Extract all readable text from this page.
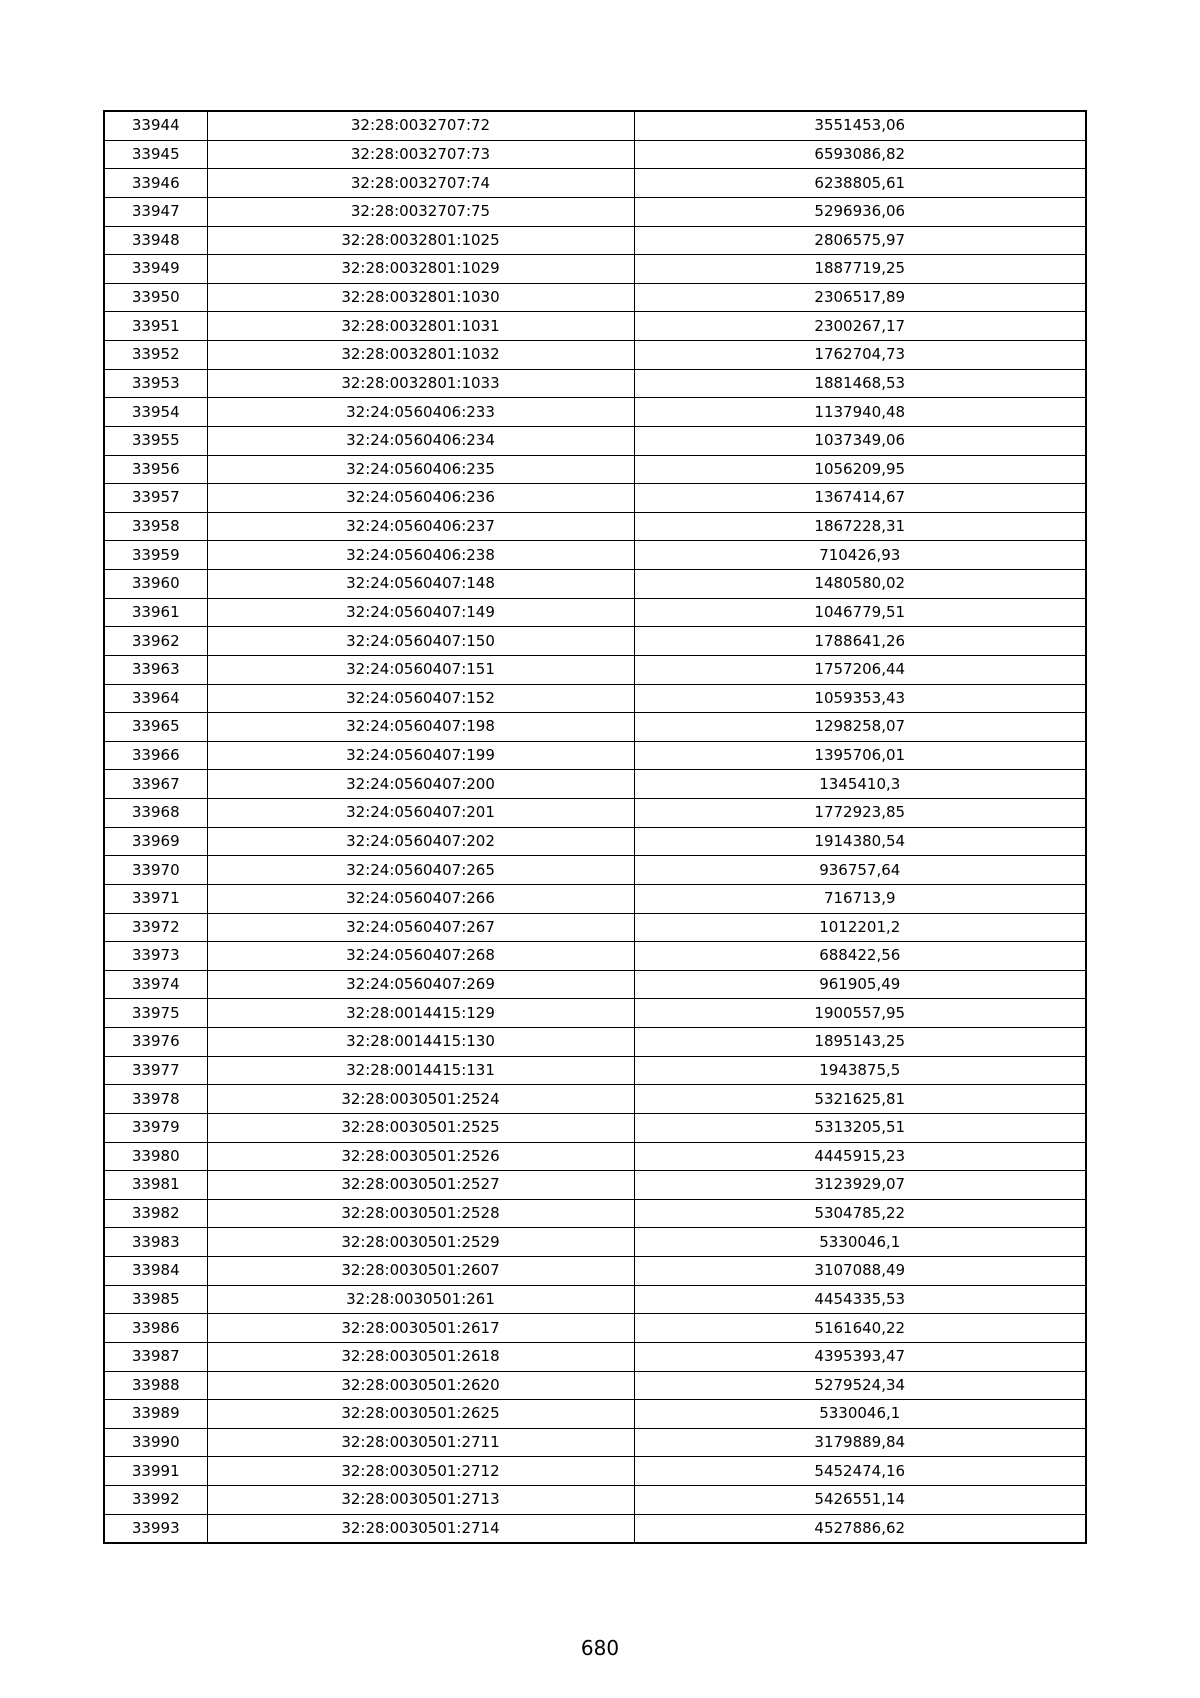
33944	32:28:0032707:72	3551453,06
33945	32:28:0032707:73	6593086,82
33946	32:28:0032707:74	6238805,61
33947	32:28:0032707:75	5296936,06
33948	32:28:0032801:1025	2806575,97
33949	32:28:0032801:1029	1887719,25
33950	32:28:0032801:1030	2306517,89
33951	32:28:0032801:1031	2300267,17
33952	32:28:0032801:1032	1762704,73
33953	32:28:0032801:1033	1881468,53
33954	32:24:0560406:233	1137940,48
33955	32:24:0560406:234	1037349,06
33956	32:24:0560406:235	1056209,95
33957	32:24:0560406:236	1367414,67
33958	32:24:0560406:237	1867228,31
33959	32:24:0560406:238	710426,93
33960	32:24:0560407:148	1480580,02
33961	32:24:0560407:149	1046779,51
33962	32:24:0560407:150	1788641,26
33963	32:24:0560407:151	1757206,44
33964	32:24:0560407:152	1059353,43
33965	32:24:0560407:198	1298258,07
33966	32:24:0560407:199	1395706,01
33967	32:24:0560407:200	1345410,3
33968	32:24:0560407:201	1772923,85
33969	32:24:0560407:202	1914380,54
33970	32:24:0560407:265	936757,64
33971	32:24:0560407:266	716713,9
33972	32:24:0560407:267	1012201,2
33973	32:24:0560407:268	688422,56
33974	32:24:0560407:269	961905,49
33975	32:28:0014415:129	1900557,95
33976	32:28:0014415:130	1895143,25
33977	32:28:0014415:131	1943875,5
33978	32:28:0030501:2524	5321625,81
33979	32:28:0030501:2525	5313205,51
33980	32:28:0030501:2526	4445915,23
33981	32:28:0030501:2527	3123929,07
33982	32:28:0030501:2528	5304785,22
33983	32:28:0030501:2529	5330046,1
33984	32:28:0030501:2607	3107088,49
33985	32:28:0030501:261	4454335,53
33986	32:28:0030501:2617	5161640,22
33987	32:28:0030501:2618	4395393,47
33988	32:28:0030501:2620	5279524,34
33989	32:28:0030501:2625	5330046,1
33990	32:28:0030501:2711	3179889,84
33991	32:28:0030501:2712	5452474,16
33992	32:28:0030501:2713	5426551,14
33993	32:28:0030501:2714	4527886,62
680
